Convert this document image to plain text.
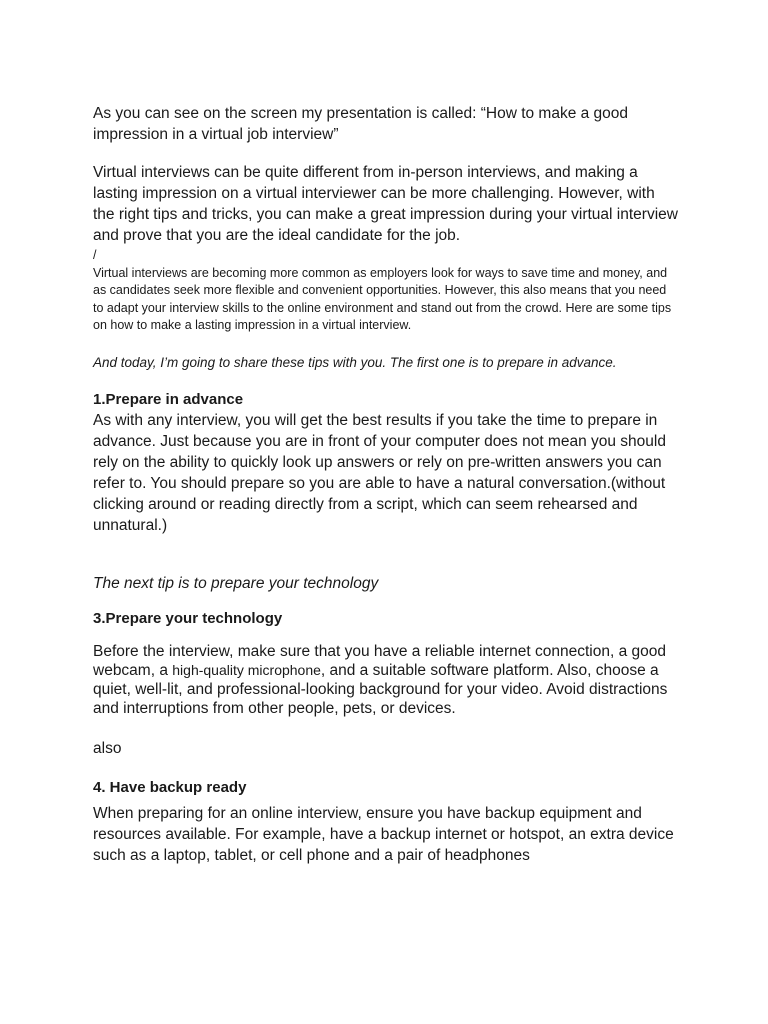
As you can see on the screen my presentation is called: “How to make a good impression in a virtual job interview”

Virtual interviews can be quite different from in-person interviews, and making a lasting impression on a virtual interviewer can be more challenging. However, with the right tips and tricks, you can make a great impression during your virtual interview and prove that you are the ideal candidate for the job.

/

Virtual interviews are becoming more common as employers look for ways to save time and money, and as candidates seek more flexible and convenient opportunities. However, this also means that you need to adapt your interview skills to the online environment and stand out from the crowd. Here are some tips on how to make a lasting impression in a virtual interview.

And today, I’m going to share these tips with you. The first one is to prepare in advance.

1.Prepare in advance

As with any interview, you will get the best results if you take the time to prepare in advance. Just because you are in front of your computer does not mean you should rely on the ability to quickly look up answers or rely on pre-written answers you can refer to. You should prepare so you are able to have a natural conversation.(without clicking around or reading directly from a script, which can seem rehearsed and unnatural.)

The next tip is to prepare your technology

3.Prepare your technology

Before the interview, make sure that you have a reliable internet connection, a good webcam, a high-quality microphone, and a suitable software platform. Also, choose a quiet, well-lit, and professional-looking background for your video. Avoid distractions and interruptions from other people, pets, or devices.

also

4. Have backup ready

When preparing for an online interview, ensure you have backup equipment and resources available. For example, have a backup internet or hotspot, an extra device such as a laptop, tablet, or cell phone and a pair of headphones
